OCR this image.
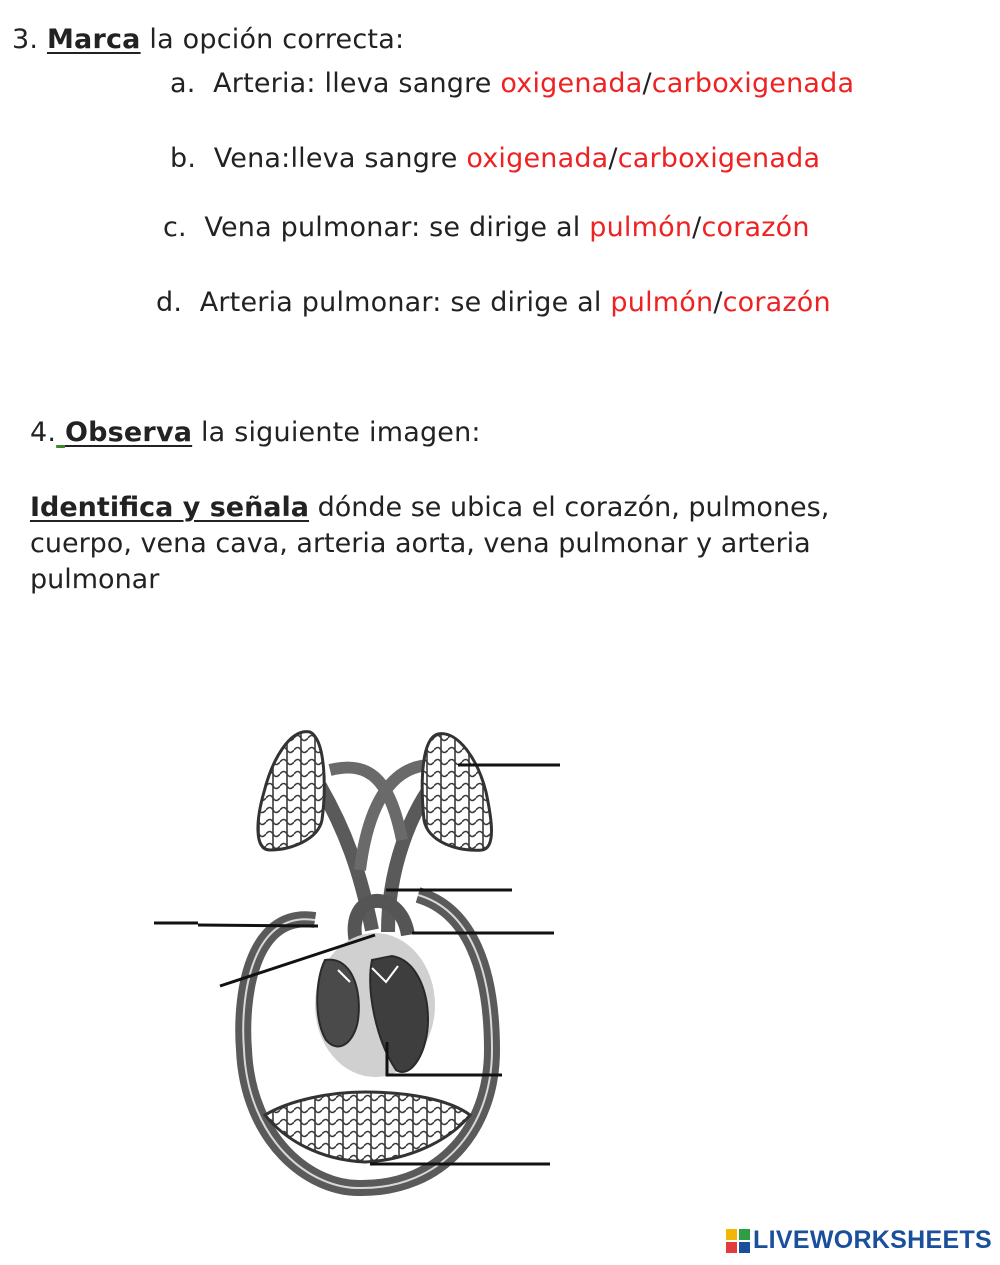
3. Marca la opción correcta:
a. Arteria: lleva sangre oxigenada/carboxigenada
b. Vena:lleva sangre oxigenada/carboxigenada
c. Vena pulmonar: se dirige al pulmón/corazón
d. Arteria pulmonar: se dirige al pulmón/corazón
4. Observa la siguiente imagen:
Identifica y señala dónde se ubica el corazón, pulmones,
cuerpo, vena cava, arteria aorta, vena pulmonar y arteria
pulmonar
LIVEWORKSHEETS
